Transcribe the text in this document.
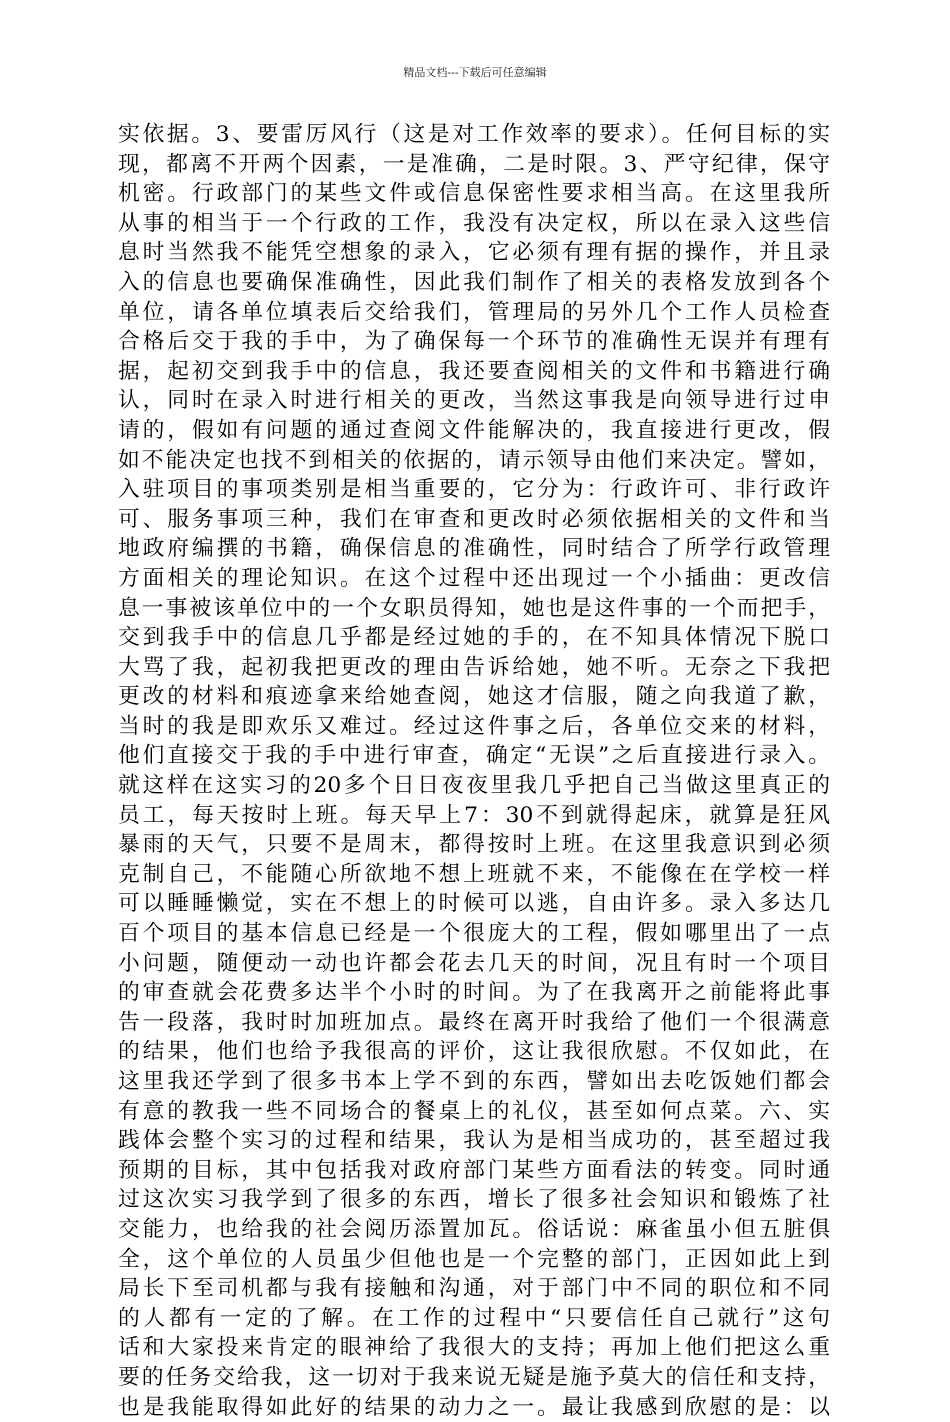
精品文档---下载后可任意编辑
实依据。3、要雷厉风行（这是对工作效率的要求）。任何目标的实
现，都离不开两个因素，一是准确，二是时限。3、严守纪律，保守
机密。行政部门的某些文件或信息保密性要求相当高。在这里我所
从事的相当于一个行政的工作，我没有决定权，所以在录入这些信
息时当然我不能凭空想象的录入，它必须有理有据的操作，并且录
入的信息也要确保准确性，因此我们制作了相关的表格发放到各个
单位，请各单位填表后交给我们，管理局的另外几个工作人员检查
合格后交于我的手中，为了确保每一个环节的准确性无误并有理有
据，起初交到我手中的信息，我还要查阅相关的文件和书籍进行确
认，同时在录入时进行相关的更改，当然这事我是向领导进行过申
请的，假如有问题的通过查阅文件能解决的，我直接进行更改，假
如不能决定也找不到相关的依据的，请示领导由他们来决定。譬如，
入驻项目的事项类别是相当重要的，它分为：行政许可、非行政许
可、服务事项三种，我们在审查和更改时必须依据相关的文件和当
地政府编撰的书籍，确保信息的准确性，同时结合了所学行政管理
方面相关的理论知识。在这个过程中还出现过一个小插曲：更改信
息一事被该单位中的一个女职员得知，她也是这件事的一个而把手，
交到我手中的信息几乎都是经过她的手的，在不知具体情况下脱口
大骂了我，起初我把更改的理由告诉给她，她不听。无奈之下我把
更改的材料和痕迹拿来给她查阅，她这才信服，随之向我道了歉，
当时的我是即欢乐又难过。经过这件事之后，各单位交来的材料，
他们直接交于我的手中进行审查，确定“无误”之后直接进行录入。
就这样在这实习的20多个日日夜夜里我几乎把自己当做这里真正的
员工，每天按时上班。每天早上7：30不到就得起床，就算是狂风
暴雨的天气，只要不是周末，都得按时上班。在这里我意识到必须
克制自己，不能随心所欲地不想上班就不来，不能像在在学校一样
可以睡睡懒觉，实在不想上的时候可以逃，自由许多。录入多达几
百个项目的基本信息已经是一个很庞大的工程，假如哪里出了一点
小问题，随便动一动也许都会花去几天的时间，况且有时一个项目
的审查就会花费多达半个小时的时间。为了在我离开之前能将此事
告一段落，我时时加班加点。最终在离开时我给了他们一个很满意
的结果，他们也给予我很高的评价，这让我很欣慰。不仅如此，在
这里我还学到了很多书本上学不到的东西，譬如出去吃饭她们都会
有意的教我一些不同场合的餐桌上的礼仪，甚至如何点菜。六、实
践体会整个实习的过程和结果，我认为是相当成功的，甚至超过我
预期的目标，其中包括我对政府部门某些方面看法的转变。同时通
过这次实习我学到了很多的东西，增长了很多社会知识和锻炼了社
交能力，也给我的社会阅历添置加瓦。俗话说：麻雀虽小但五脏俱
全，这个单位的人员虽少但他也是一个完整的部门，正因如此上到
局长下至司机都与我有接触和沟通，对于部门中不同的职位和不同
的人都有一定的了解。在工作的过程中“只要信任自己就行”这句
话和大家投来肯定的眼神给了我很大的支持；再加上他们把这么重
要的任务交给我，这一切对于我来说无疑是施予莫大的信任和支持，
也是我能取得如此好的结果的动力之一。最让我感到欣慰的是：以
